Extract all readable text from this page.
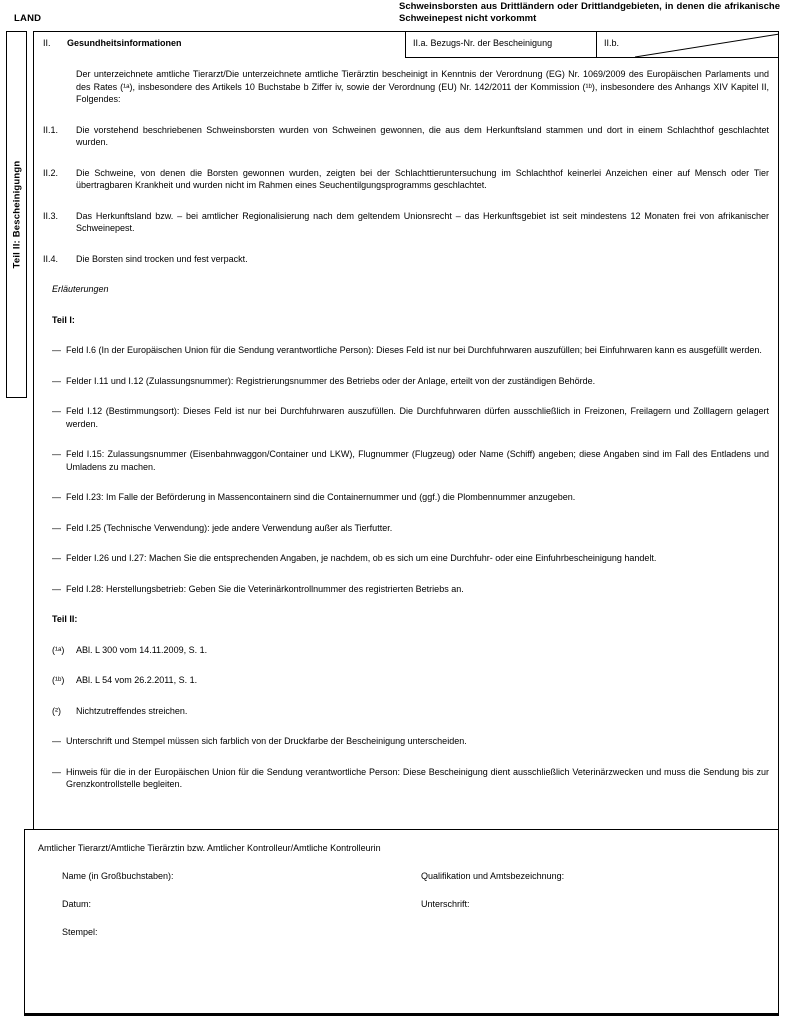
LAND
Schweinsborsten aus Drittländern oder Drittlandgebieten, in denen die afrikanische Schweinepest nicht vorkommt
Teil II: Bescheinigungn
II.	Gesundheitsinformationen	II.a. Bezugs-Nr. der Bescheinigung	II.b.
Der unterzeichnete amtliche Tierarzt/Die unterzeichnete amtliche Tierärztin bescheinigt in Kenntnis der Verordnung (EG) Nr. 1069/2009 des Europäischen Parlaments und des Rates (¹ᵃ), insbesondere des Artikels 10 Buchstabe b Ziffer iv, sowie der Verordnung (EU) Nr. 142/2011 der Kommission (¹ᵇ), insbesondere des Anhangs XIV Kapitel II, Folgendes:
II.1.	Die vorstehend beschriebenen Schweinsborsten wurden von Schweinen gewonnen, die aus dem Herkunftsland stammen und dort in einem Schlachthof geschlachtet wurden.
II.2.	Die Schweine, von denen die Borsten gewonnen wurden, zeigten bei der Schlachttieruntersuchung im Schlachthof keinerlei Anzeichen einer auf Mensch oder Tier übertragbaren Krankheit und wurden nicht im Rahmen eines Seuchentilgungsprogramms geschlachtet.
II.3.	Das Herkunftsland bzw. – bei amtlicher Regionalisierung nach dem geltendem Unionsrecht – das Herkunftsgebiet ist seit mindestens 12 Monaten frei von afrikanischer Schweinepest.
II.4.	Die Borsten sind trocken und fest verpackt.
Erläuterungen
Teil I:
— Feld I.6 (In der Europäischen Union für die Sendung verantwortliche Person): Dieses Feld ist nur bei Durchfuhrwaren auszufüllen; bei Einfuhrwaren kann es ausgefüllt werden.
— Felder I.11 und I.12 (Zulassungsnummer): Registrierungsnummer des Betriebs oder der Anlage, erteilt von der zuständigen Behörde.
— Feld I.12 (Bestimmungsort): Dieses Feld ist nur bei Durchfuhrwaren auszufüllen. Die Durchfuhrwaren dürfen ausschließlich in Freizonen, Freilagern und Zolllagern gelagert werden.
— Feld I.15: Zulassungsnummer (Eisenbahnwaggon/Container und LKW), Flugnummer (Flugzeug) oder Name (Schiff) angeben; diese Angaben sind im Fall des Entladens und Umladens zu machen.
— Feld I.23: Im Falle der Beförderung in Massencontainern sind die Containernummer und (ggf.) die Plombennummer anzugeben.
— Feld I.25 (Technische Verwendung): jede andere Verwendung außer als Tierfutter.
— Felder I.26 und I.27: Machen Sie die entsprechenden Angaben, je nachdem, ob es sich um eine Durchfuhr- oder eine Einfuhrbescheinigung handelt.
— Feld I.28: Herstellungsbetrieb: Geben Sie die Veterinärkontrollnummer des registrierten Betriebs an.
Teil II:
(¹ᵃ)	ABl. L 300 vom 14.11.2009, S. 1.
(¹ᵇ)	ABl. L 54 vom 26.2.2011, S. 1.
(²)	Nichtzutreffendes streichen.
— Unterschrift und Stempel müssen sich farblich von der Druckfarbe der Bescheinigung unterscheiden.
— Hinweis für die in der Europäischen Union für die Sendung verantwortliche Person: Diese Bescheinigung dient ausschließlich Veterinärzwecken und muss die Sendung bis zur Grenzkontrollstelle begleiten.
Amtlicher Tierarzt/Amtliche Tierärztin bzw. Amtlicher Kontrolleur/Amtliche Kontrolleurin
Name (in Großbuchstaben):	Qualifikation und Amtsbezeichnung:
Datum:	Unterschrift:
Stempel:
